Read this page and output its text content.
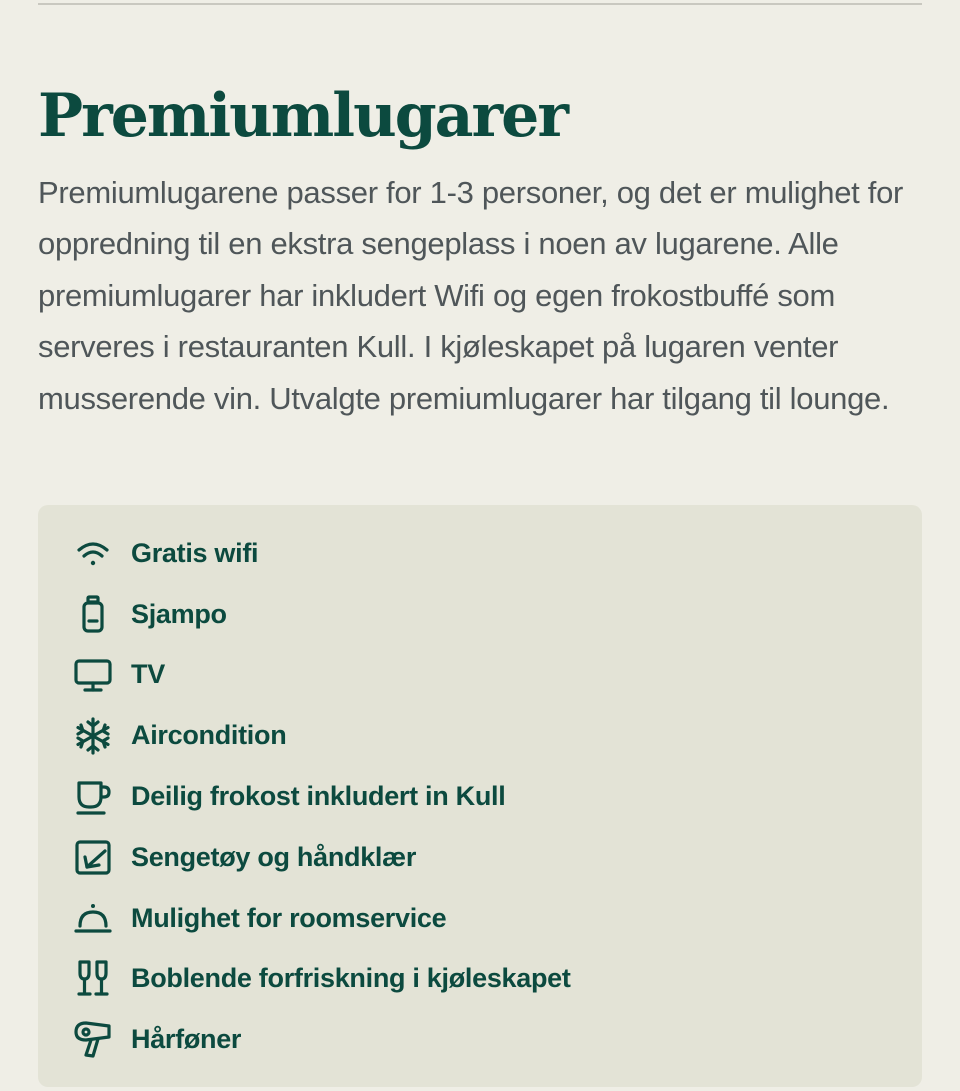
Premiumlugarer

Premiumlugarene passer for 1-3 personer, og det er mulighet for oppredning til en ekstra sengeplass i noen av lugarene. Alle premiumlugarer har inkludert Wifi og egen frokostbuffé som serveres i restauranten Kull. I kjøleskapet på lugaren venter musserende vin. Utvalgte premiumlugarer har tilgang til lounge.

Gratis wifi
Sjampo
TV
Aircondition
Deilig frokost inkludert in Kull
Sengetøy og håndklær
Mulighet for roomservice
Boblende forfriskning i kjøleskapet
Hårføner
